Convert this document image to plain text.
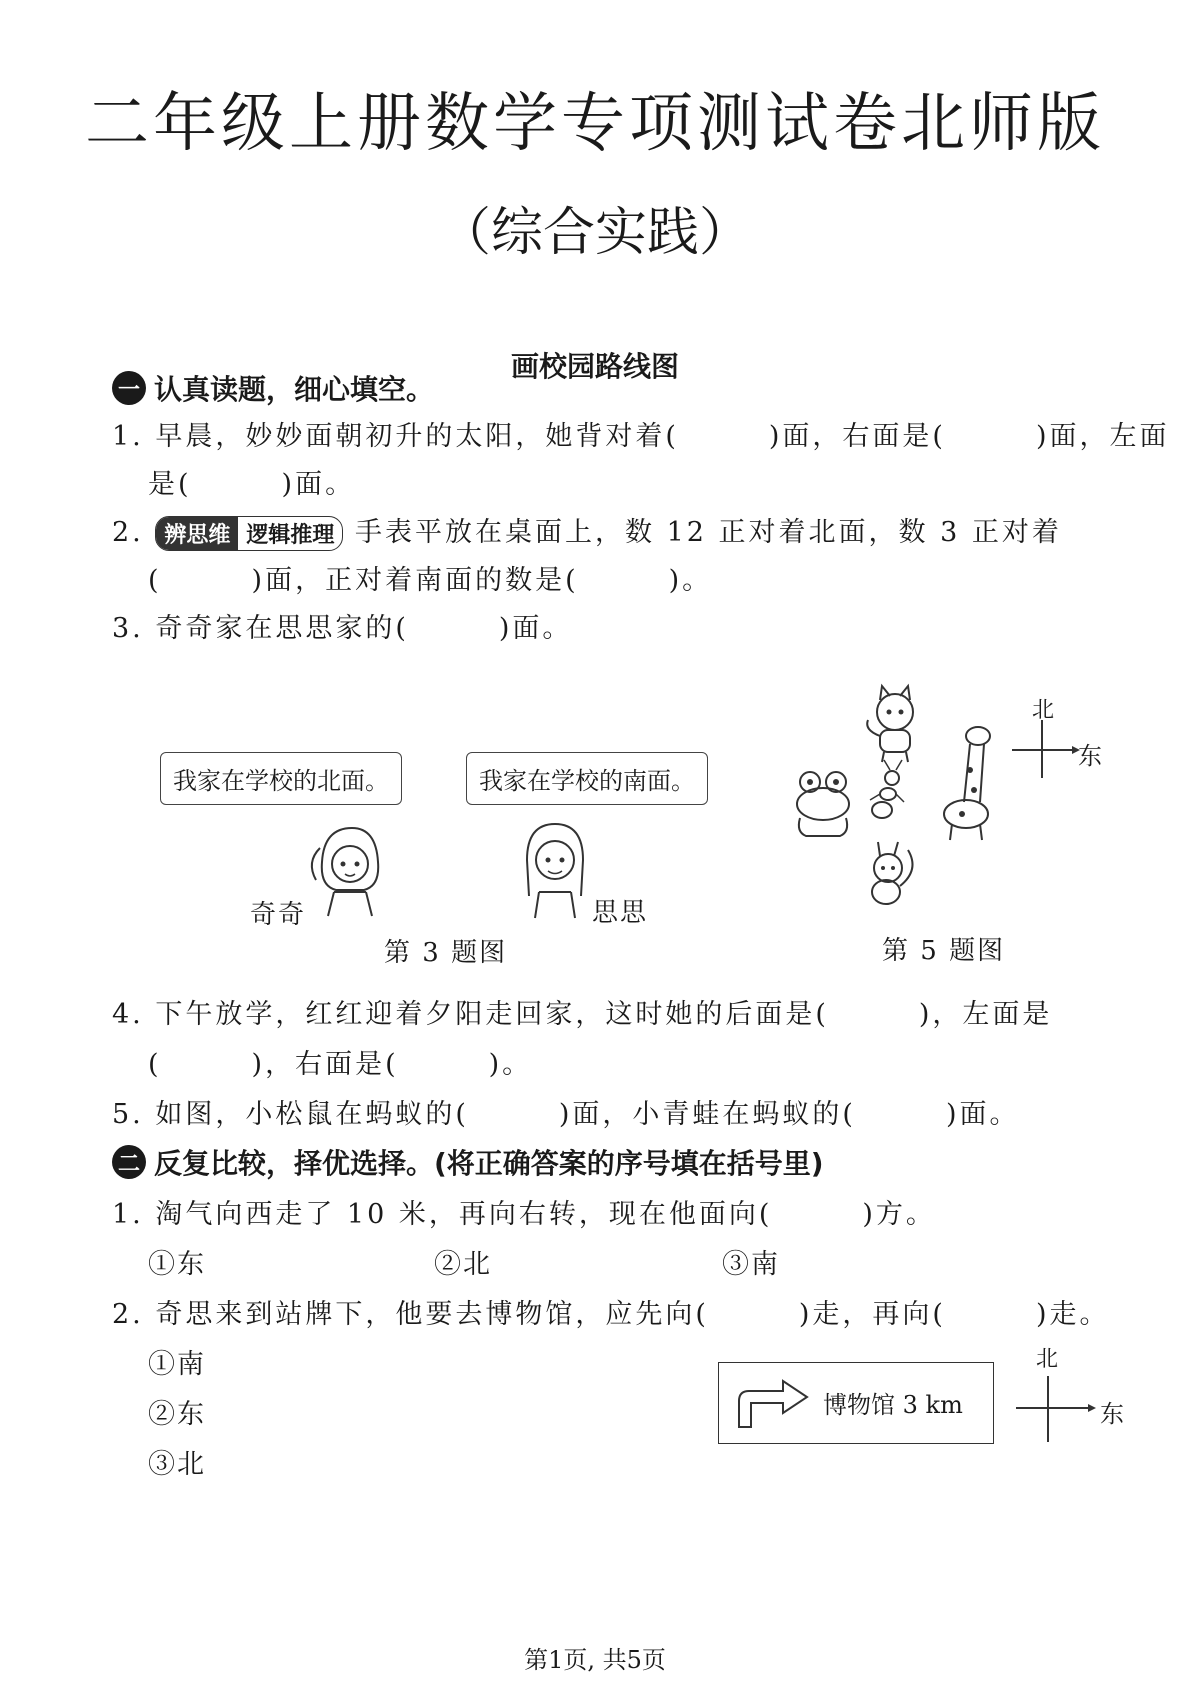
二年级上册数学专项测试卷北师版
（综合实践）
画校园路线图
一 认真读题，细心填空。
1. 早晨，妙妙面朝初升的太阳，她背对着(　　　)面，右面是(　　　)面，左面
是(　　　)面。
2. 辨思维 逻辑推理 手表平放在桌面上，数 12 正对着北面，数 3 正对着
(　　　)面，正对着南面的数是(　　　)。
3. 奇奇家在思思家的(　　　)面。
我家在学校的北面。	我家在学校的南面。
奇奇	思思
第 3 题图
北
东
第 5 题图
4. 下午放学，红红迎着夕阳走回家，这时她的后面是(　　　)，左面是
(　　　)，右面是(　　　)。
5. 如图，小松鼠在蚂蚁的(　　　)面，小青蛙在蚂蚁的(　　　)面。
二 反复比较，择优选择。(将正确答案的序号填在括号里)
1. 淘气向西走了 10 米，再向右转，现在他面向(　　　)方。
①东	②北	③南
2. 奇思来到站牌下，他要去博物馆，应先向(　　　)走，再向(　　　)走。
①南
②东
③北
博物馆 3 km
北
东
第1页, 共5页
